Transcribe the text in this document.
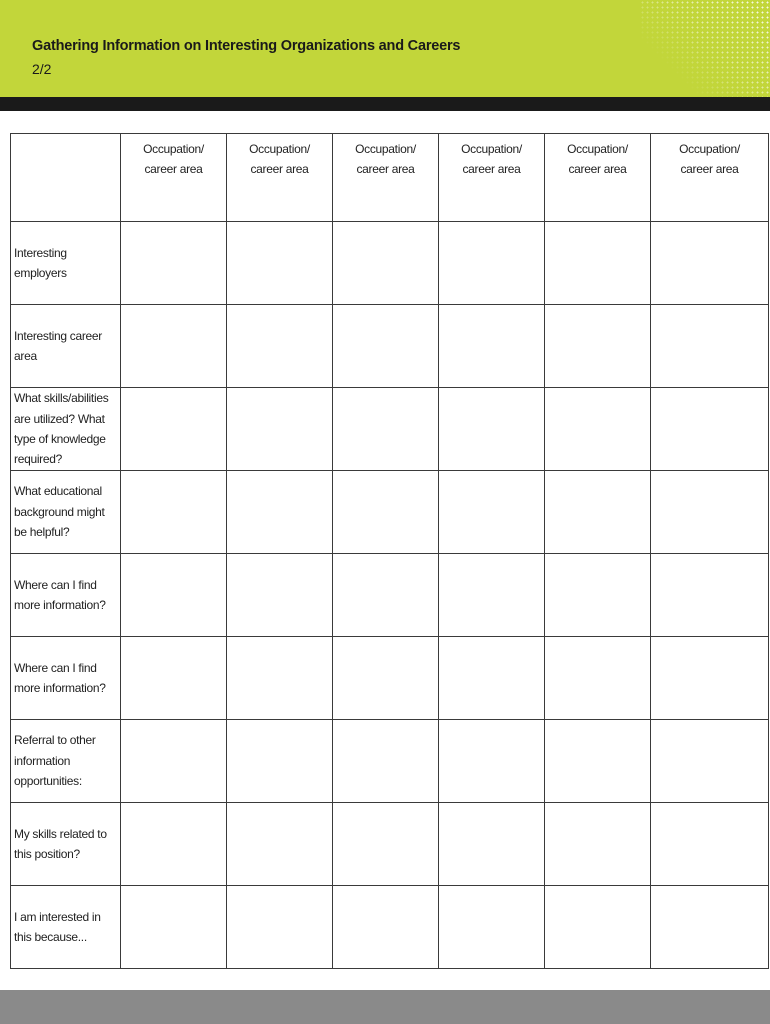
Gathering Information on Interesting Organizations and Careers
2/2
	Occupation/ career area	Occupation/ career area	Occupation/ career area	Occupation/ career area	Occupation/ career area	Occupation/ career area
Interesting employers						
Interesting career area						
What skills/abilities are utilized? What type of knowledge required?						
What educational background might be helpful?						
Where can I find more information?						
Where can I find more information?						
Referral to other information opportunities:						
My skills related to this position?						
I am interested in this because...						
